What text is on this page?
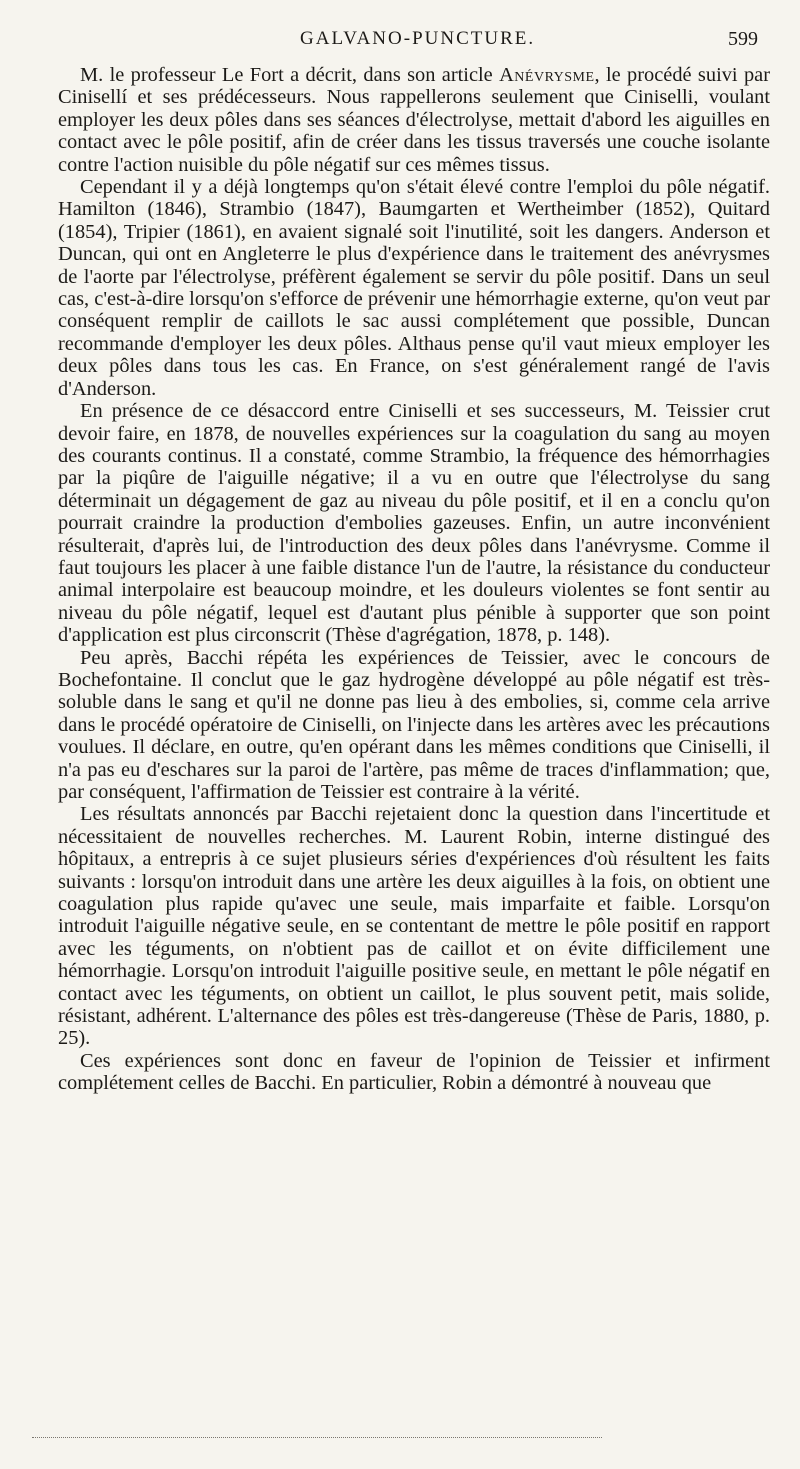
GALVANO-PUNCTURE.	599

M. le professeur Le Fort a décrit, dans son article Anévrysme, le procédé suivi par Cinisellí et ses prédécesseurs. Nous rappellerons seulement que Ciniselli, voulant employer les deux pôles dans ses séances d'électrolyse, mettait d'abord les aiguilles en contact avec le pôle positif, afin de créer dans les tissus traversés une couche isolante contre l'action nuisible du pôle négatif sur ces mêmes tissus.

Cependant il y a déjà longtemps qu'on s'était élevé contre l'emploi du pôle négatif. Hamilton (1846), Strambio (1847), Baumgarten et Wertheimber (1852), Quitard (1854), Tripier (1861), en avaient signalé soit l'inutilité, soit les dangers. Anderson et Duncan, qui ont en Angleterre le plus d'expérience dans le traitement des anévrysmes de l'aorte par l'électrolyse, préfèrent également se servir du pôle positif. Dans un seul cas, c'est-à-dire lorsqu'on s'efforce de prévenir une hémorrhagie externe, qu'on veut par conséquent remplir de caillots le sac aussi complétement que possible, Duncan recommande d'employer les deux pôles. Althaus pense qu'il vaut mieux employer les deux pôles dans tous les cas. En France, on s'est généralement rangé de l'avis d'Anderson.

En présence de ce désaccord entre Ciniselli et ses successeurs, M. Teissier crut devoir faire, en 1878, de nouvelles expériences sur la coagulation du sang au moyen des courants continus. Il a constaté, comme Strambio, la fréquence des hémorrhagies par la piqûre de l'aiguille négative; il a vu en outre que l'électrolyse du sang déterminait un dégagement de gaz au niveau du pôle positif, et il en a conclu qu'on pourrait craindre la production d'embolies gazeuses. Enfin, un autre inconvénient résulterait, d'après lui, de l'introduction des deux pôles dans l'anévrysme. Comme il faut toujours les placer à une faible distance l'un de l'autre, la résistance du conducteur animal interpolaire est beaucoup moindre, et les douleurs violentes se font sentir au niveau du pôle négatif, lequel est d'autant plus pénible à supporter que son point d'application est plus circonscrit (Thèse d'agrégation, 1878, p. 148).

Peu après, Bacchi répéta les expériences de Teissier, avec le concours de Bochefontaine. Il conclut que le gaz hydrogène développé au pôle négatif est très-soluble dans le sang et qu'il ne donne pas lieu à des embolies, si, comme cela arrive dans le procédé opératoire de Ciniselli, on l'injecte dans les artères avec les précautions voulues. Il déclare, en outre, qu'en opérant dans les mêmes conditions que Ciniselli, il n'a pas eu d'eschares sur la paroi de l'artère, pas même de traces d'inflammation; que, par conséquent, l'affirmation de Teissier est contraire à la vérité.

Les résultats annoncés par Bacchi rejetaient donc la question dans l'incertitude et nécessitaient de nouvelles recherches. M. Laurent Robin, interne distingué des hôpitaux, a entrepris à ce sujet plusieurs séries d'expériences d'où résultent les faits suivants : lorsqu'on introduit dans une artère les deux aiguilles à la fois, on obtient une coagulation plus rapide qu'avec une seule, mais imparfaite et faible. Lorsqu'on introduit l'aiguille négative seule, en se contentant de mettre le pôle positif en rapport avec les téguments, on n'obtient pas de caillot et on évite difficilement une hémorrhagie. Lorsqu'on introduit l'aiguille positive seule, en mettant le pôle négatif en contact avec les téguments, on obtient un caillot, le plus souvent petit, mais solide, résistant, adhérent. L'alternance des pôles est très-dangereuse (Thèse de Paris, 1880, p. 25).

Ces expériences sont donc en faveur de l'opinion de Teissier et infirment complétement celles de Bacchi. En particulier, Robin a démontré à nouveau que
